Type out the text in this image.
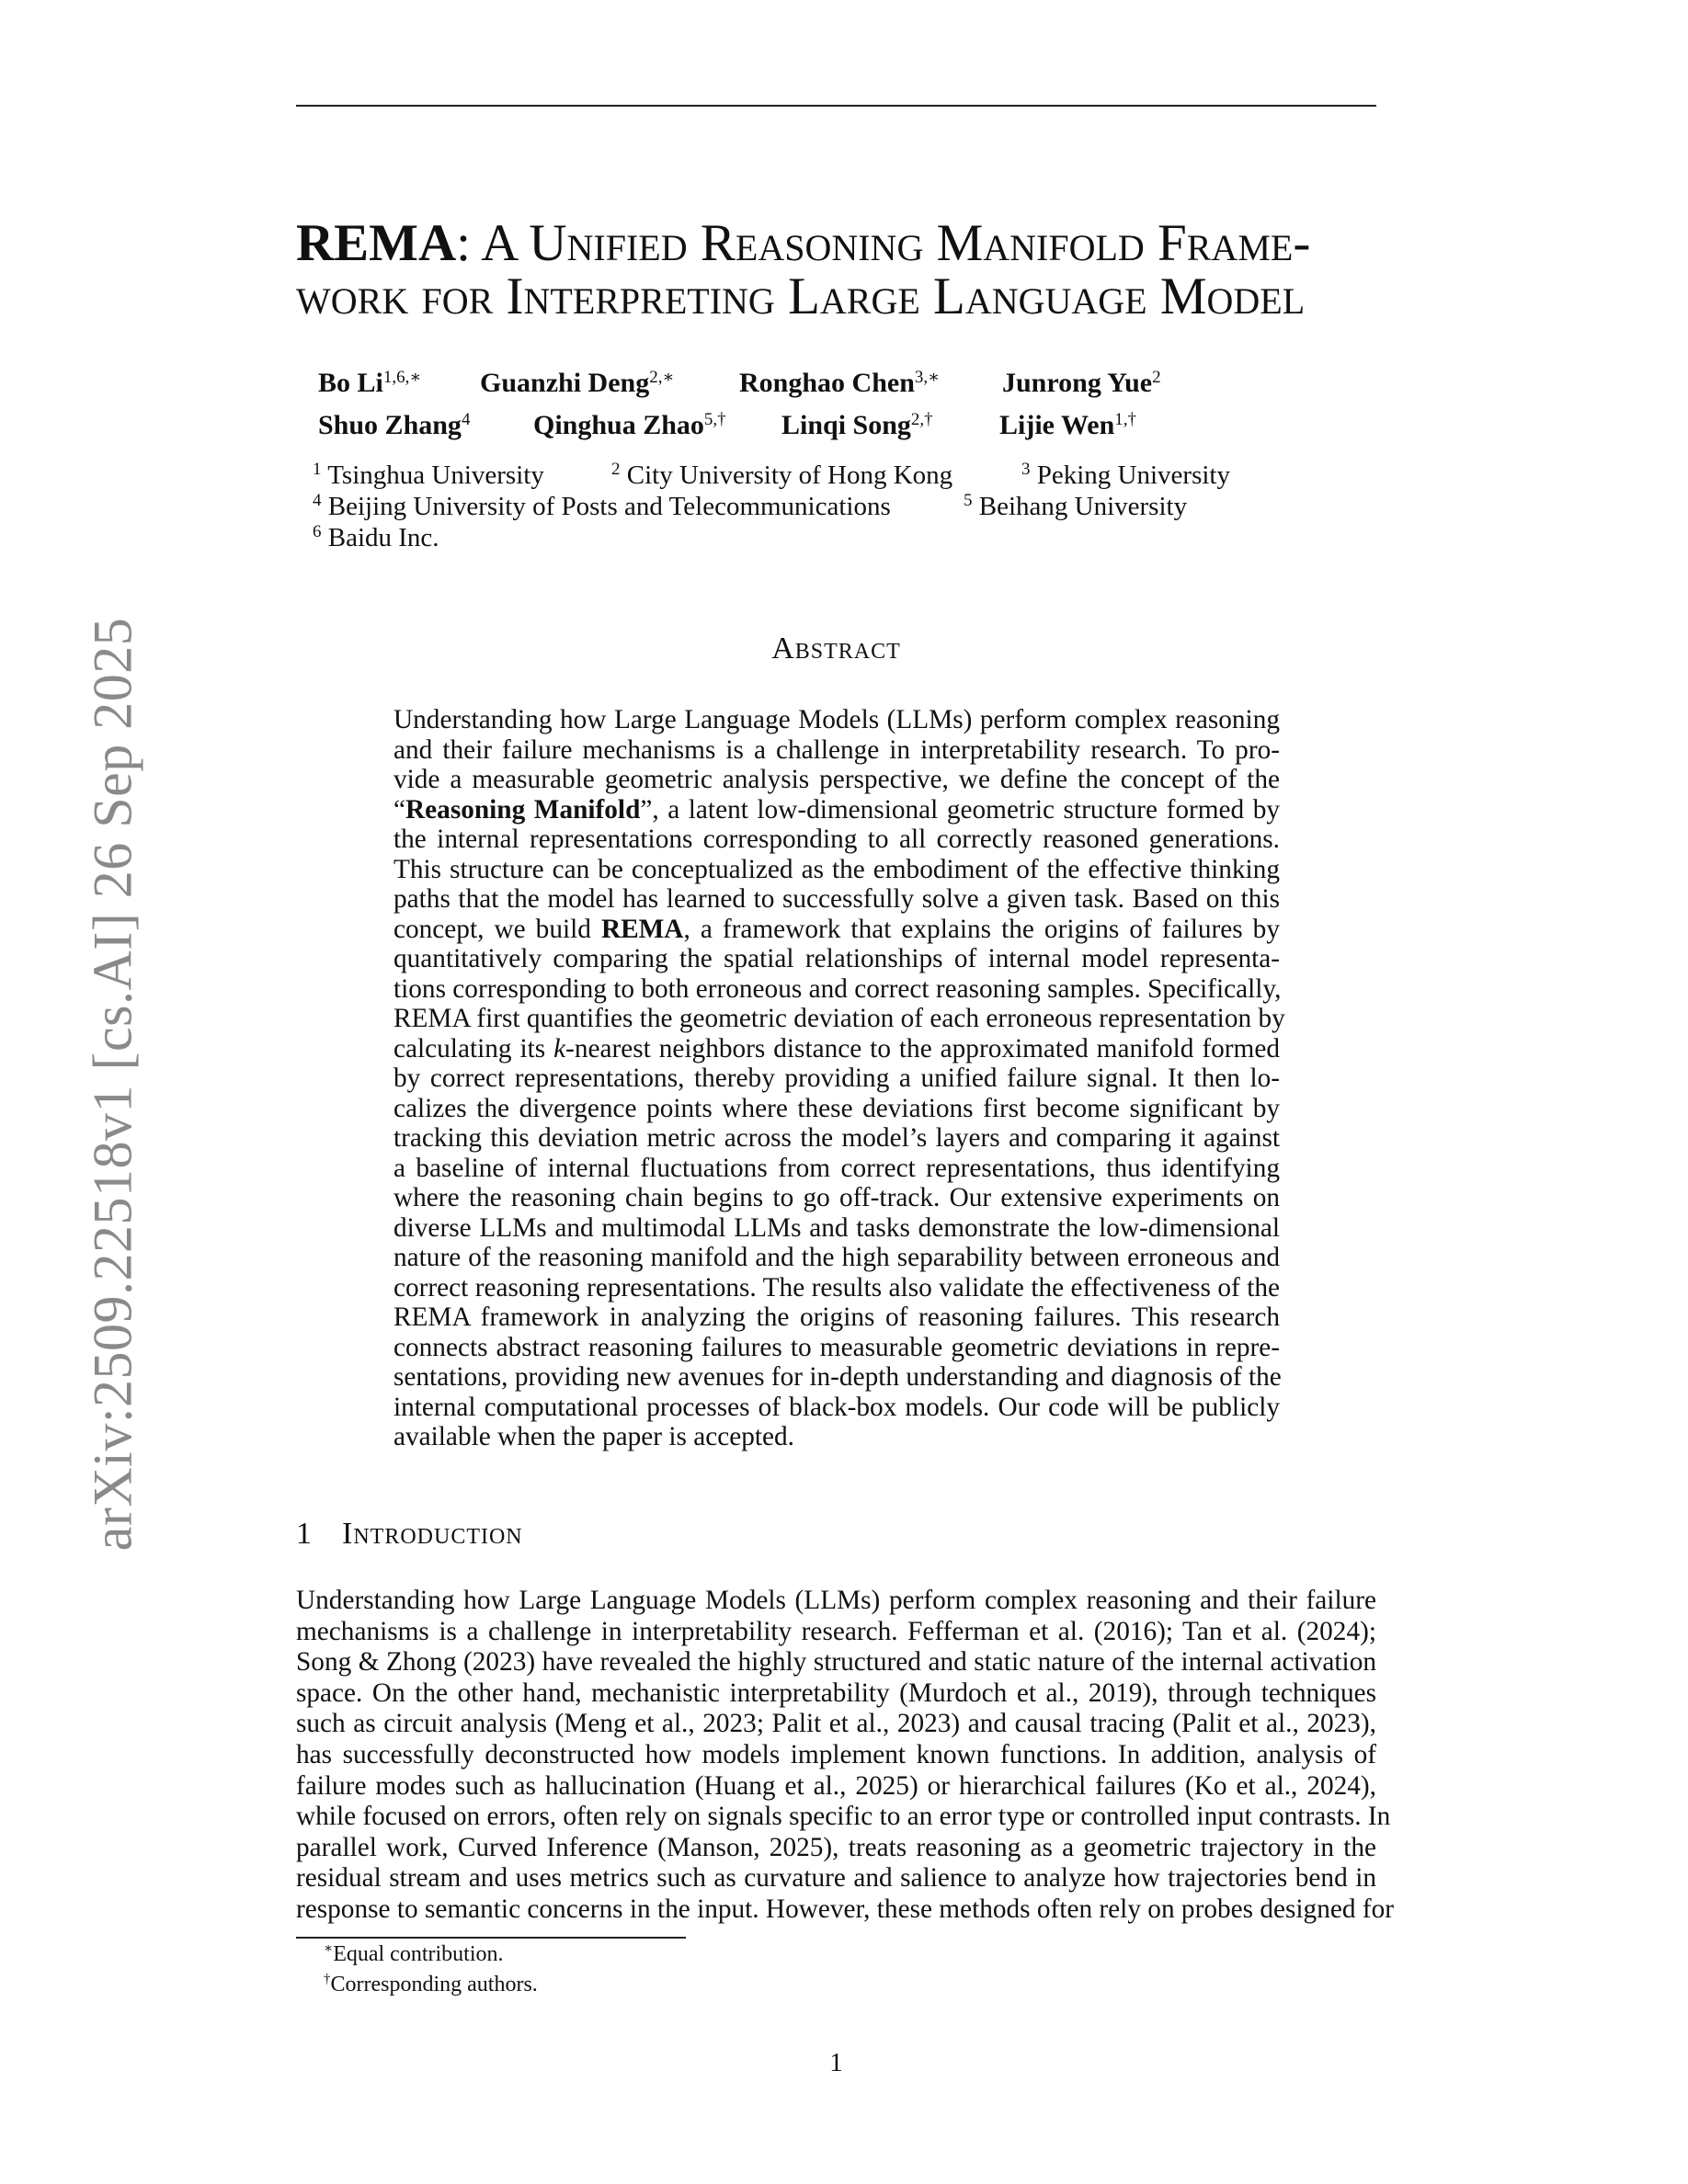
arXiv:2509.22518v1 [cs.AI] 26 Sep 2025
REMA: A Unified Reasoning Manifold Frame-
work for Interpreting Large Language Model
Bo $Li^{1,6,∗}$ Guanzhi Deng$^{2,∗}$ Ronghao Chen$^{3,∗}$ Junrong Yue$^2$
Shuo Zhang$^4$ Qinghua Zhao$^{5,\dagger}$ Linqi Song$^{2,\dagger}$ Lijie Wen$^{1,\dagger}$
$^1$ Tsinghua University	$^2$ City University of Hong Kong	$^3$ Peking University
$^4$ Beijing University of Posts and Telecommunications	$^5$ Beihang University
$^6$ Baidu Inc.
Abstract
Understanding how Large Language Models (LLMs) perform complex reasoning
and their failure mechanisms is a challenge in interpretability research. To pro-
vide a measurable geometric analysis perspective, we define the concept of the
“Reasoning Manifold”, a latent low-dimensional geometric structure formed by
the internal representations corresponding to all correctly reasoned generations.
This structure can be conceptualized as the embodiment of the effective thinking
paths that the model has learned to successfully solve a given task. Based on this
concept, we build REMA, a framework that explains the origins of failures by
quantitatively comparing the spatial relationships of internal model representa-
tions corresponding to both erroneous and correct reasoning samples. Specifically,
REMA first quantifies the geometric deviation of each erroneous representation by
calculating its k-nearest neighbors distance to the approximated manifold formed
by correct representations, thereby providing a unified failure signal. It then lo-
calizes the divergence points where these deviations first become significant by
tracking this deviation metric across the model’s layers and comparing it against
a baseline of internal fluctuations from correct representations, thus identifying
where the reasoning chain begins to go off-track. Our extensive experiments on
diverse LLMs and multimodal LLMs and tasks demonstrate the low-dimensional
nature of the reasoning manifold and the high separability between erroneous and
correct reasoning representations. The results also validate the effectiveness of the
REMA framework in analyzing the origins of reasoning failures. This research
connects abstract reasoning failures to measurable geometric deviations in repre-
sentations, providing new avenues for in-depth understanding and diagnosis of the
internal computational processes of black-box models. Our code will be publicly
available when the paper is accepted.
1 Introduction
Understanding how Large Language Models (LLMs) perform complex reasoning and their failure
mechanisms is a challenge in interpretability research. Fefferman et al. (2016); Tan et al. (2024);
Song & Zhong (2023) have revealed the highly structured and static nature of the internal activation
space. On the other hand, mechanistic interpretability (Murdoch et al., 2019), through techniques
such as circuit analysis (Meng et al., 2023; Palit et al., 2023) and causal tracing (Palit et al., 2023),
has successfully deconstructed how models implement known functions. In addition, analysis of
failure modes such as hallucination (Huang et al., 2025) or hierarchical failures (Ko et al., 2024),
while focused on errors, often rely on signals specific to an error type or controlled input contrasts. In
parallel work, Curved Inference (Manson, 2025), treats reasoning as a geometric trajectory in the
residual stream and uses metrics such as curvature and salience to analyze how trajectories bend in
response to semantic concerns in the input. However, these methods often rely on probes designed for
∗Equal contribution.
†Corresponding authors.
1
